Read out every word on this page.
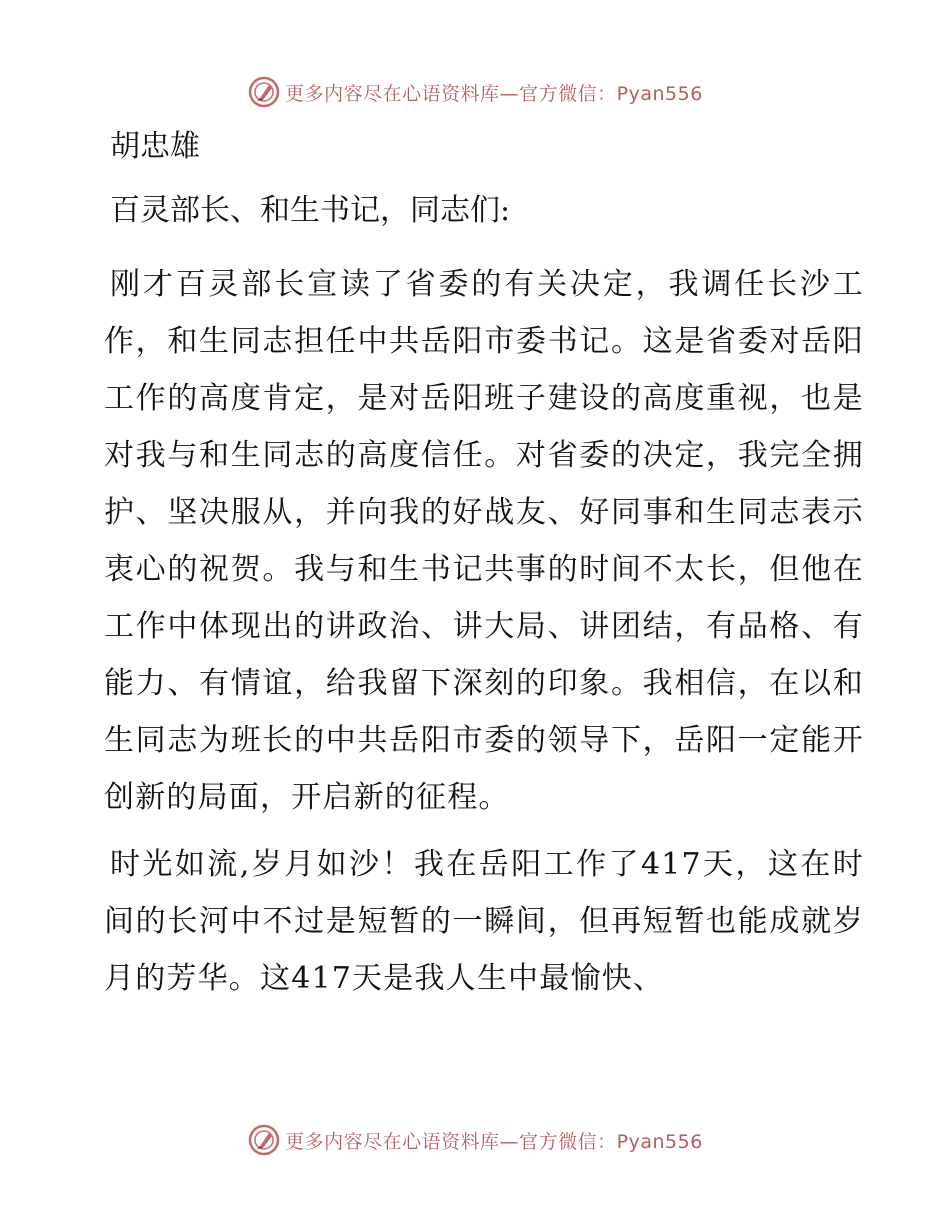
更多内容尽在心语资料库—官方微信：Pyan556
胡忠雄
百灵部长、和生书记，同志们:

刚才百灵部长宣读了省委的有关决定，我调任长沙工作，和生同志担任中共岳阳市委书记。这是省委对岳阳工作的高度肯定，是对岳阳班子建设的高度重视，也是对我与和生同志的高度信任。对省委的决定，我完全拥护、坚决服从，并向我的好战友、好同事和生同志表示衷心的祝贺。我与和生书记共事的时间不太长，但他在工作中体现出的讲政治、讲大局、讲团结，有品格、有能力、有情谊，给我留下深刻的印象。我相信，在以和生同志为班长的中共岳阳市委的领导下，岳阳一定能开创新的局面，开启新的征程。

时光如流,岁月如沙！我在岳阳工作了417天，这在时间的长河中不过是短暂的一瞬间，但再短暂也能成就岁月的芳华。这417天是我人生中最愉快、

更多内容尽在心语资料库—官方微信：Pyan556
